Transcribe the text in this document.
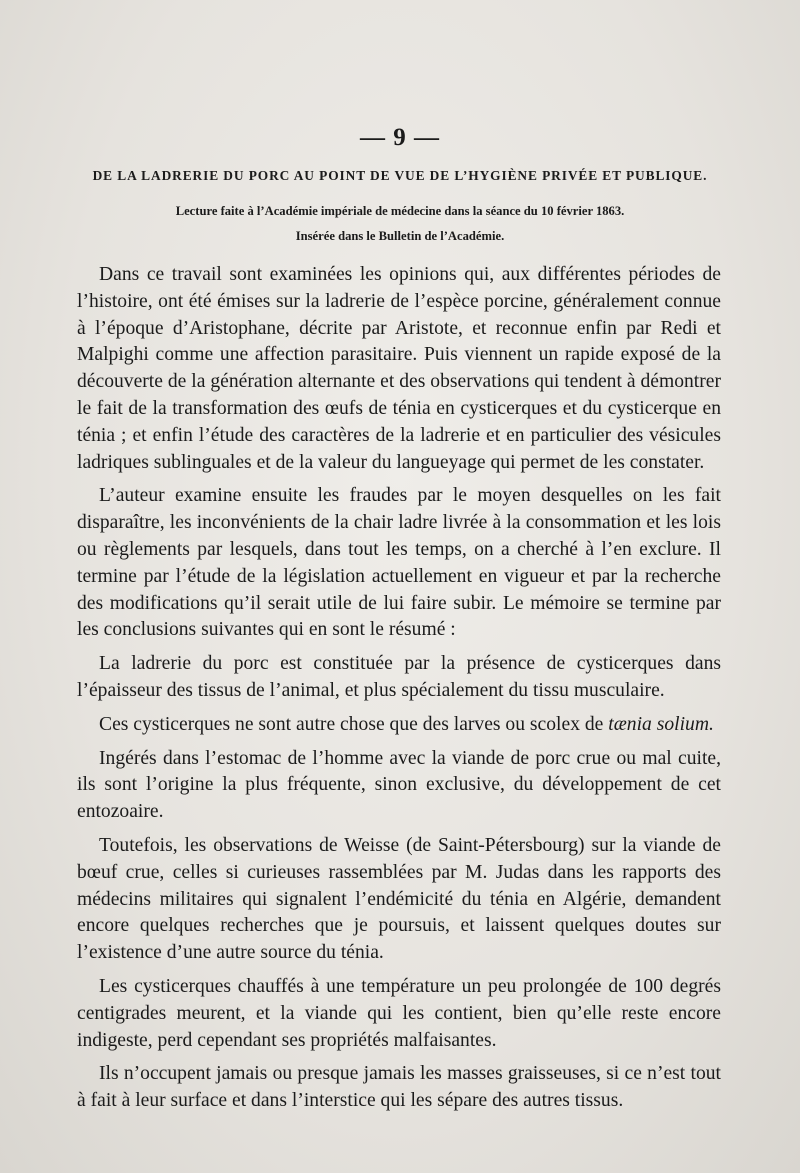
— 9 —
DE LA LADRERIE DU PORC AU POINT DE VUE DE L’HYGIÈNE PRIVÉE ET PUBLIQUE.
Lecture faite à l’Académie impériale de médecine dans la séance du 10 février 1863.
Insérée dans le Bulletin de l’Académie.

Dans ce travail sont examinées les opinions qui, aux différentes périodes de l’histoire, ont été émises sur la ladrerie de l’espèce porcine, généralement connue à l’époque d’Aristophane, décrite par Aristote, et reconnue enfin par Redi et Malpighi comme une affection parasitaire. Puis viennent un rapide exposé de la découverte de la génération alternante et des observations qui tendent à démontrer le fait de la transformation des œufs de ténia en cysticerques et du cysticerque en ténia ; et enfin l’étude des caractères de la ladrerie et en particulier des vésicules ladriques sublinguales et de la valeur du langueyage qui permet de les constater.

L’auteur examine ensuite les fraudes par le moyen desquelles on les fait disparaître, les inconvénients de la chair ladre livrée à la consommation et les lois ou règlements par lesquels, dans tout les temps, on a cherché à l’en exclure. Il termine par l’étude de la législation actuellement en vigueur et par la recherche des modifications qu’il serait utile de lui faire subir. Le mémoire se termine par les conclusions suivantes qui en sont le résumé :

La ladrerie du porc est constituée par la présence de cysticerques dans l’épaisseur des tissus de l’animal, et plus spécialement du tissu musculaire.

Ces cysticerques ne sont autre chose que des larves ou scolex de tænia solium.

Ingérés dans l’estomac de l’homme avec la viande de porc crue ou mal cuite, ils sont l’origine la plus fréquente, sinon exclusive, du développement de cet entozoaire.

Toutefois, les observations de Weisse (de Saint-Pétersbourg) sur la viande de bœuf crue, celles si curieuses rassemblées par M. Judas dans les rapports des médecins militaires qui signalent l’endémicité du ténia en Algérie, demandent encore quelques recherches que je poursuis, et laissent quelques doutes sur l’existence d’une autre source du ténia.

Les cysticerques chauffés à une température un peu prolongée de 100 degrés centigrades meurent, et la viande qui les contient, bien qu’elle reste encore indigeste, perd cependant ses propriétés malfaisantes.

Ils n’occupent jamais ou presque jamais les masses graisseuses, si ce n’est tout à fait à leur surface et dans l’interstice qui les sépare des autres tissus.
